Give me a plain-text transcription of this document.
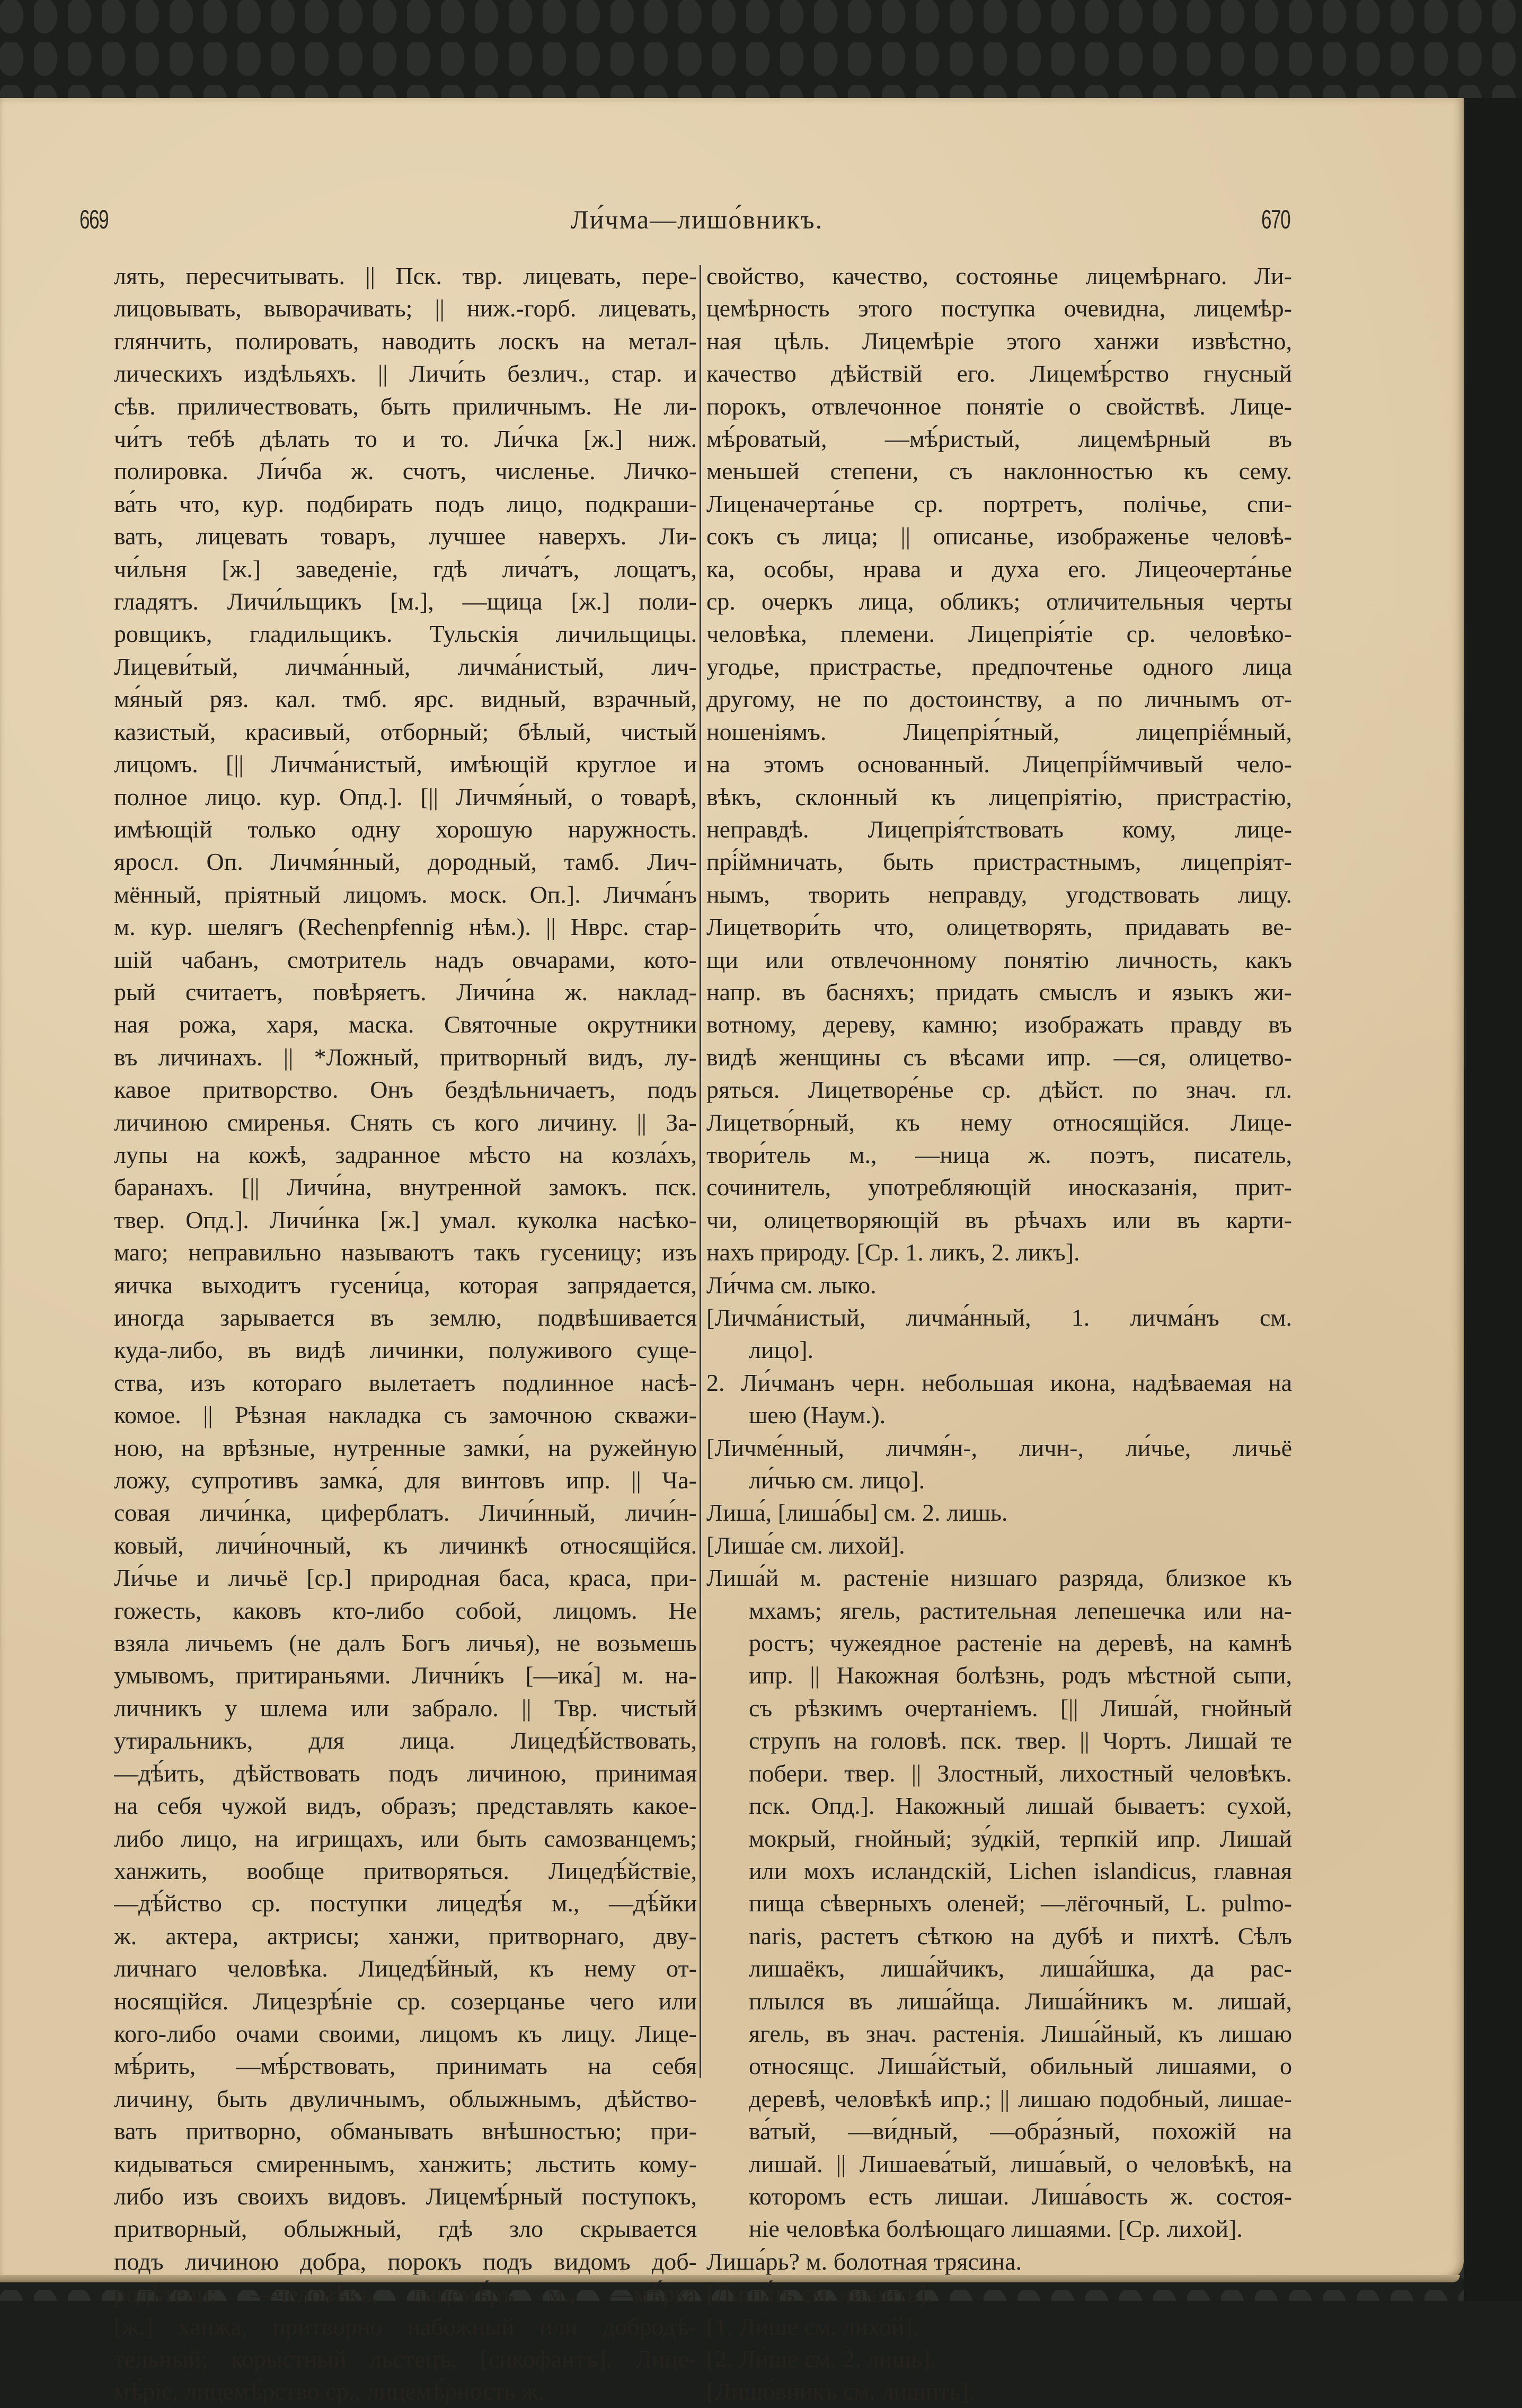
669	Ли́чма—лишо́вникъ.	670
лять, пересчитывать. || Пск. твр. лицевать, пере-
лицовывать, выворачивать; || ниж.-горб. лицевать,
глянчить, полировать, наводить лоскъ на метал-
лическихъ издѣльяхъ. || Личи́ть безлич., стар. и
сѣв. приличествовать, быть приличнымъ. Не ли-
чи́тъ тебѣ дѣлать то и то. Ли́чка [ж.] ниж.
полировка. Ли́чба ж. счотъ, численье. Личко-
ва́ть что, кур. подбирать подъ лицо, подкраши-
вать, лицевать товаръ, лучшее наверхъ. Ли-
чи́льня [ж.] заведеніе, гдѣ лича́тъ, лощатъ,
гладятъ. Личи́льщикъ [м.], —щица [ж.] поли-
ровщикъ, гладильщикъ. Тульскія личильщицы.
Лицеви́тый, личма́нный, личма́нистый, лич-
мя́ный ряз. кал. тмб. ярс. видный, взрачный,
казистый, красивый, отборный; бѣлый, чистый
лицомъ. [|| Личма́нистый, имѣющій круглое и
полное лицо. кур. Опд.]. [|| Личмя́ный, о товарѣ,
имѣющій только одну хорошую наружность.
яросл. Оп. Личмя́нный, дородный, тамб. Лич-
мённый, пріятный лицомъ. моск. Оп.]. Личма́нъ
м. кур. шелягъ (Rechenpfennig нѣм.). || Нврс. стар-
шій чабанъ, смотритель надъ овчарами, кото-
рый считаетъ, повѣряетъ. Личи́на ж. наклад-
ная рожа, харя, маска. Святочные окрутники
въ личинахъ. || *Ложный, притворный видъ, лу-
кавое притворство. Онъ бездѣльничаетъ, подъ
личиною смиренья. Снять съ кого личину. || За-
лупы на кожѣ, задранное мѣсто на козла́хъ,
баранахъ. [|| Личи́на, внутренной замокъ. пск.
твер. Опд.]. Личи́нка [ж.] умал. куколка насѣко-
маго; неправильно называютъ такъ гусеницу; изъ
яичка выходитъ гусени́ца, которая запрядается,
иногда зарывается въ землю, подвѣшивается
куда-либо, въ видѣ личинки, полуживого суще-
ства, изъ котораго вылетаетъ подлинное насѣ-
комое. || Рѣзная накладка съ замочною скважи-
ною, на врѣзные, нутренные замки́, на ружейную
ложу, супротивъ замка́, для винтовъ ипр. || Ча-
совая личи́нка, циферблатъ. Личи́нный, личи́н-
ковый, личи́ночный, къ личинкѣ относящійся.
Ли́чье и личьё [ср.] природная баса, краса, при-
гожесть, каковъ кто-либо собой, лицомъ. Не
взяла личьемъ (не далъ Богъ личья), не возьмешь
умывомъ, притираньями. Лични́къ [—ика́] м. на-
личникъ у шлема или забрало. || Твр. чистый
утиральникъ, для лица. Лицедѣ́йствовать,
—дѣ́ить, дѣйствовать подъ личиною, принимая
на себя чужой видъ, образъ; представлять какое-
либо лицо, на игрищахъ, или быть самозванцемъ;
ханжить, вообще притворяться. Лицедѣ́йствіе,
—дѣ́йство ср. поступки лицедѣ́я м., —дѣ́йки
ж. актера, актрисы; ханжи, притворнаго, дву-
личнаго человѣка. Лицедѣ́йный, къ нему от-
носящійся. Лицезрѣ́ніе ср. созерцанье чего или
кого-либо очами своими, лицомъ къ лицу. Лице-
мѣ́рить, —мѣ́рствовать, принимать на себя
личину, быть двуличнымъ, облыжнымъ, дѣйство-
вать притворно, обманывать внѣшностью; при-
кидываться смиреннымъ, ханжить; льстить кому-
либо изъ своихъ видовъ. Лицемѣ́рный поступокъ,
притворный, облыжный, гдѣ зло скрывается
подъ личиною добра, порокъ подъ видомъ доб-
родѣтели; —человѣкъ, лицемѣ́ръ м., —мѣ́рка
[ж.] ханжа, притворно набожный или добродѣ-
тельный; корыстный льстецъ, [сикофантъ]. Лице-
мѣ́ріе, лицемѣ́рство ср., лицемѣ́рность ж.
свойство, качество, состоянье лицемѣрнаго. Ли-
цемѣрность этого поступка очевидна, лицемѣр-
ная цѣль. Лицемѣріе этого ханжи извѣстно,
качество дѣйствій его. Лицемѣ́рство гнусный
порокъ, отвлечонное понятіе о свойствѣ. Лице-
мѣ́роватый, —мѣ́ристый, лицемѣрный въ
меньшей степени, съ наклонностью къ сему.
Лиценачерта́нье ср. портретъ, полічье, спи-
сокъ съ лица; || описанье, изображенье человѣ-
ка, особы, нрава и духа его. Лицеочерта́нье
ср. очеркъ лица, обликъ; отличительныя черты
человѣка, племени. Лицепрія́тіе ср. человѣко-
угодье, пристрастье, предпочтенье одного лица
другому, не по достоинству, а по личнымъ от-
ношеніямъ. Лицепрія́тный, лицепріё́мный,
на этомъ основанный. Лицепрі́ймчивый чело-
вѣкъ, склонный къ лицепріятію, пристрастію,
неправдѣ. Лицепрія́тствовать кому, лице-
прі́ймничать, быть пристрастнымъ, лицепріят-
нымъ, творить неправду, угодствовать лицу.
Лицетвори́ть что, олицетворять, придавать ве-
щи или отвлечонному понятію личность, какъ
напр. въ басняхъ; придать смыслъ и языкъ жи-
вотному, дереву, камню; изображать правду въ
видѣ женщины съ вѣсами ипр. —ся, олицетво-
ряться. Лицетворе́нье ср. дѣйст. по знач. гл.
Лицетво́рный, къ нему относящійся. Лице-
твори́тель м., —ница ж. поэтъ, писатель,
сочинитель, употребляющій иносказанія, прит-
чи, олицетворяющій въ рѣчахъ или въ карти-
нахъ природу. [Ср. 1. ликъ, 2. ликъ].
Ли́чма см. лыко.
[Личма́нистый, личма́нный, 1. личма́нъ см.
лицо].
2. Ли́чманъ черн. небольшая икона, надѣваемая на
шею (Наум.).
[Личме́нный, личмя́н-, личн-, ли́чье, личьё
ли́чью см. лицо].
Лиша́, [лиша́бы] см. 2. лишь.
[Лиша́е см. лихой].
Лиша́й м. растеніе низшаго разряда, близкое къ
мхамъ; ягель, растительная лепешечка или на-
ростъ; чужеядное растеніе на деревѣ, на камнѣ
ипр. || Накожная болѣзнь, родъ мѣстной сыпи,
съ рѣзкимъ очертаніемъ. [|| Лиша́й, гнойный
струпъ на головѣ. пск. твер. || Чортъ. Лишай те
побери. твер. || Злостный, лихостный человѣкъ.
пск. Опд.]. Накожный лишай бываетъ: сухой,
мокрый, гнойный; зу́дкій, терпкій ипр. Лишай
или мохъ исландскій, Lichen islandicus, главная
пища сѣверныхъ оленей; —лёгочный, L. pulmo-
naris, растетъ сѣткою на дубѣ и пихтѣ. Сѣлъ
лишаёкъ, лиша́йчикъ, лиша́йшка, да рас-
плылся въ лиша́йща. Лиша́йникъ м. лишай,
ягель, въ знач. растенія. Лиша́йный, къ лишаю
относящс. Лиша́йстый, обильный лишаями, о
деревѣ, человѣкѣ ипр.; || лишаю подобный, лишае-
ва́тый, —ви́дный, —обра́зный, похожій на
лишай. || Лишаева́тый, лиша́вый, о человѣкѣ, на
которомъ есть лишаи. Лиша́вость ж. состоя-
ніе человѣка болѣющаго лишаями. [Ср. лихой].
Лиша́рь? м. болотная трясина.
[Лиша́ть см. лишить].
[1. Ли́ше см. лихой].
[2. Ли́ше см. 2. лишь].
[Лишо́вникъ см. лишить].
